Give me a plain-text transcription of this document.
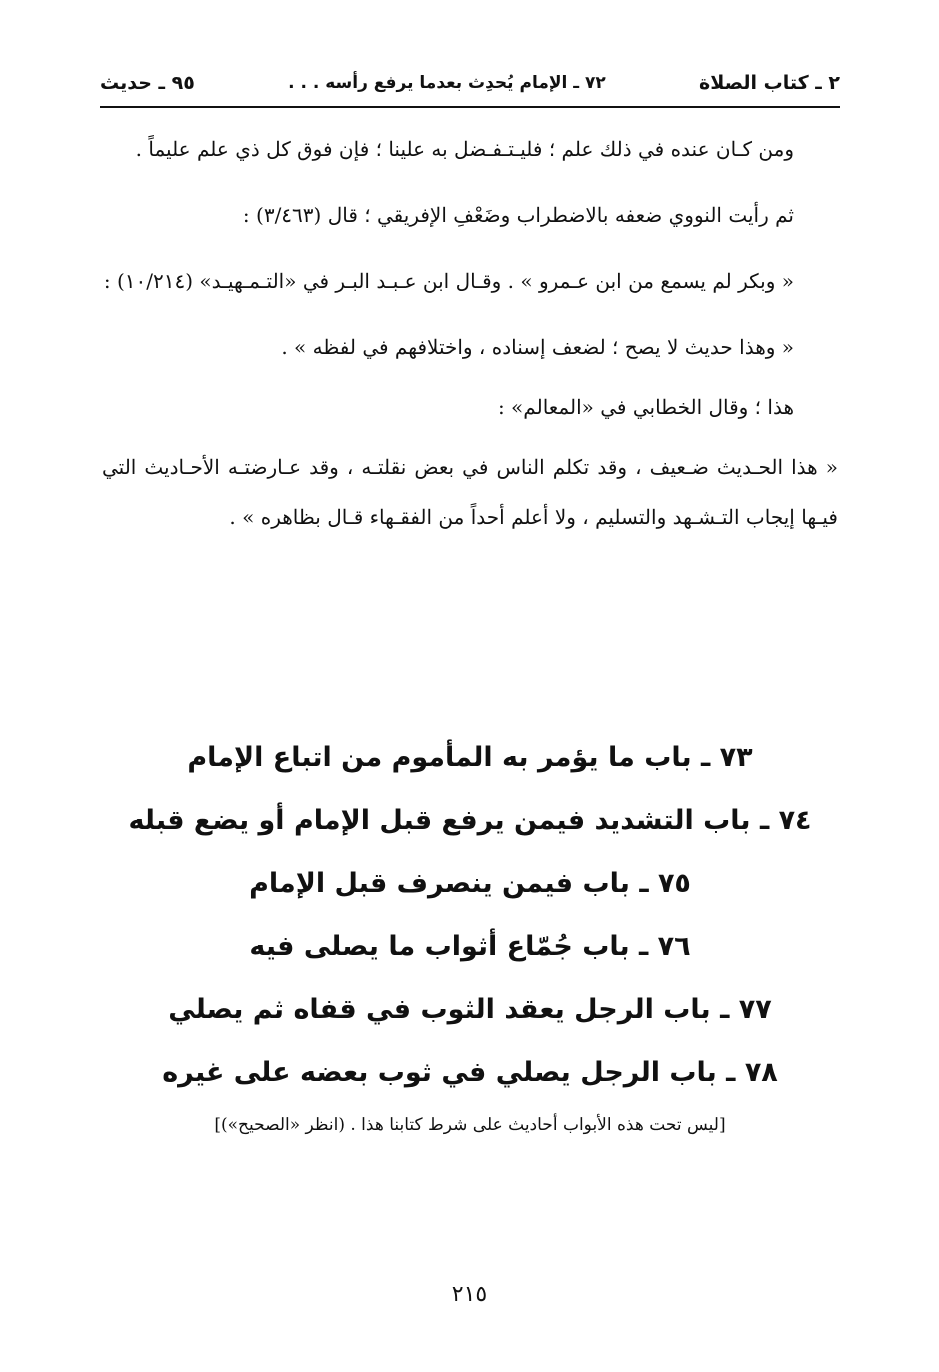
٢ ـ كتاب الصلاة
٧٢ ـ الإمام يُحدِث بعدما يرفع رأسه . . .
٩٥ ـ حديث

ومن كـان عنده في ذلك علم ؛ فليـتـفـضل به علينا ؛ فإن فوق كل ذي علم عليماً .

ثم رأيت النووي ضعفه بالاضطراب وضَعْفِ الإفريقي ؛ قال (٣/٤٦٣) :

« وبكر لم يسمع من ابن عـمرو » . وقـال ابن عـبـد البـر في «التـمـهيـد» (١٠/٢١٤) :

« وهذا حديث لا يصح ؛ لضعف إسناده ، واختلافهم في لفظه » .

هذا ؛ وقال الخطابي في «المعالم» :

« هذا الحـديث ضـعيف ، وقد تكلم الناس في بعض نقلتـه ، وقد عـارضتـه الأحـاديث التي فيـها إيجاب التـشـهد والتسليم ، ولا أعلم أحداً من الفقـهاء قـال بظاهره » .

٧٣ ـ باب ما يؤمر به المأموم من اتباع الإمام
٧٤ ـ باب التشديد فيمن يرفع قبل الإمام أو يضع قبله
٧٥ ـ باب فيمن ينصرف قبل الإمام
٧٦ ـ باب جُمّاع أثواب ما يصلى فيه
٧٧ ـ باب الرجل يعقد الثوب في قفاه ثم يصلي
٧٨ ـ باب الرجل يصلي في ثوب بعضه على غيره
[ليس تحت هذه الأبواب أحاديث على شرط كتابنا هذا . (انظر «الصحيح»)]
٢١٥
